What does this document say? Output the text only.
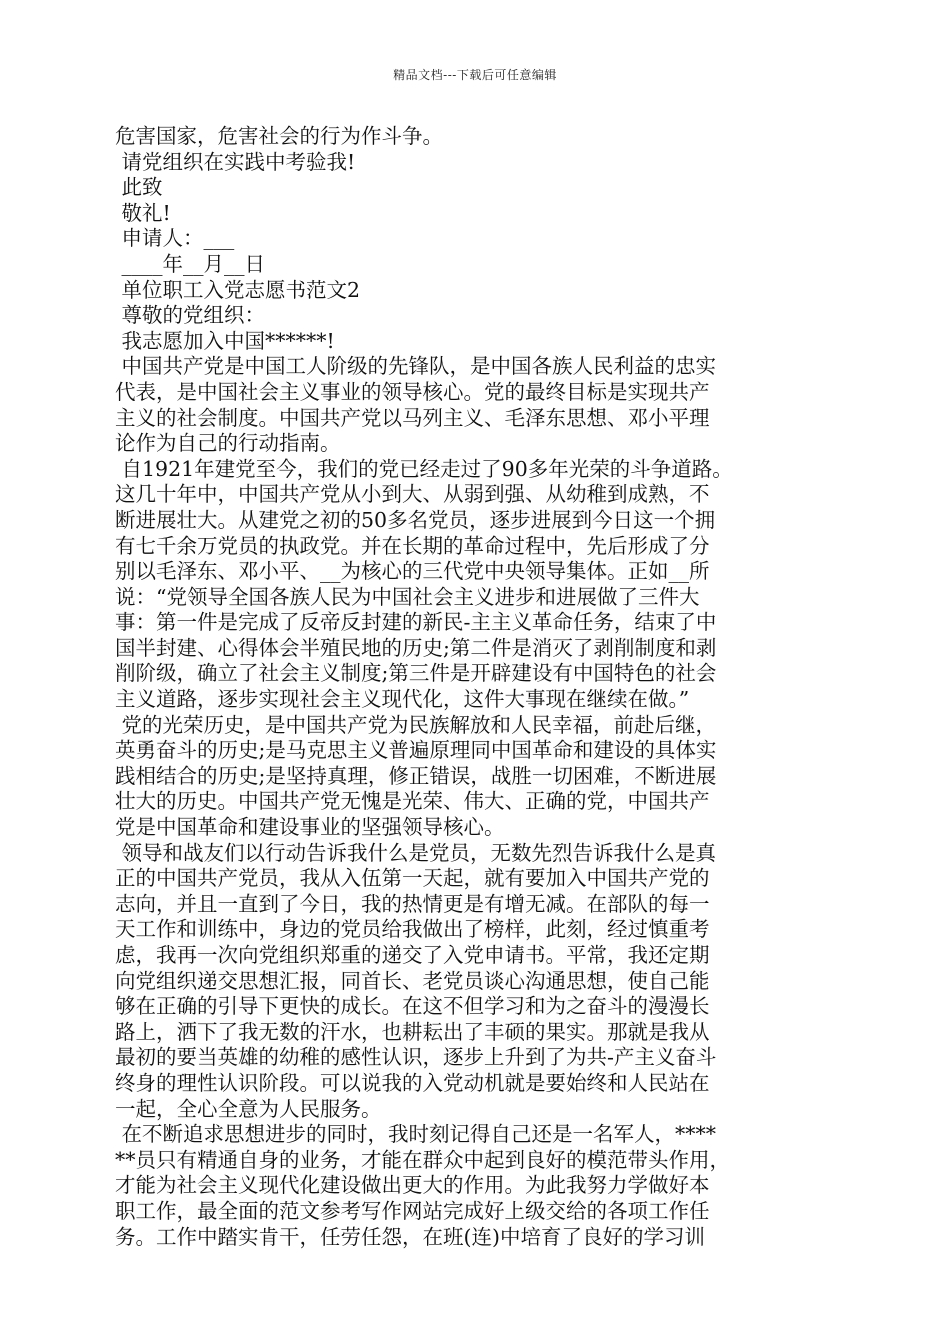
精品文档---下载后可任意编辑
危害国家，危害社会的行为作斗争。
请党组织在实践中考验我!
此致
敬礼!
申请人：___
____年__月__日
单位职工入党志愿书范文2
尊敬的党组织：
我志愿加入中国******!
中国共产党是中国工人阶级的先锋队，是中国各族人民利益的忠实
代表，是中国社会主义事业的领导核心。党的最终目标是实现共产
主义的社会制度。中国共产党以马列主义、毛泽东思想、邓小平理
论作为自己的行动指南。
自1921年建党至今，我们的党已经走过了90多年光荣的斗争道路。
这几十年中，中国共产党从小到大、从弱到强、从幼稚到成熟，不
断进展壮大。从建党之初的50多名党员，逐步进展到今日这一个拥
有七千余万党员的执政党。并在长期的革命过程中，先后形成了分
别以毛泽东、邓小平、__为核心的三代党中央领导集体。正如__所
说：“党领导全国各族人民为中国社会主义进步和进展做了三件大
事：第一件是完成了反帝反封建的新民-主主义革命任务，结束了中
国半封建、心得体会半殖民地的历史;第二件是消灭了剥削制度和剥
削阶级，确立了社会主义制度;第三件是开辟建设有中国特色的社会
主义道路，逐步实现社会主义现代化，这件大事现在继续在做。”
党的光荣历史，是中国共产党为民族解放和人民幸福，前赴后继，
英勇奋斗的历史;是马克思主义普遍原理同中国革命和建设的具体实
践相结合的历史;是坚持真理，修正错误，战胜一切困难，不断进展
壮大的历史。中国共产党无愧是光荣、伟大、正确的党，中国共产
党是中国革命和建设事业的坚强领导核心。
领导和战友们以行动告诉我什么是党员，无数先烈告诉我什么是真
正的中国共产党员，我从入伍第一天起，就有要加入中国共产党的
志向，并且一直到了今日，我的热情更是有增无减。在部队的每一
天工作和训练中，身边的党员给我做出了榜样，此刻，经过慎重考
虑，我再一次向党组织郑重的递交了入党申请书。平常，我还定期
向党组织递交思想汇报，同首长、老党员谈心沟通思想，使自己能
够在正确的引导下更快的成长。在这不但学习和为之奋斗的漫漫长
路上，洒下了我无数的汗水，也耕耘出了丰硕的果实。那就是我从
最初的要当英雄的幼稚的感性认识，逐步上升到了为共-产主义奋斗
终身的理性认识阶段。可以说我的入党动机就是要始终和人民站在
一起，全心全意为人民服务。
在不断追求思想进步的同时，我时刻记得自己还是一名军人，****
**员只有精通自身的业务，才能在群众中起到良好的模范带头作用，
才能为社会主义现代化建设做出更大的作用。为此我努力学做好本
职工作，最全面的范文参考写作网站完成好上级交给的各项工作任
务。工作中踏实肯干，任劳任怨，在班(连)中培育了良好的学习训
